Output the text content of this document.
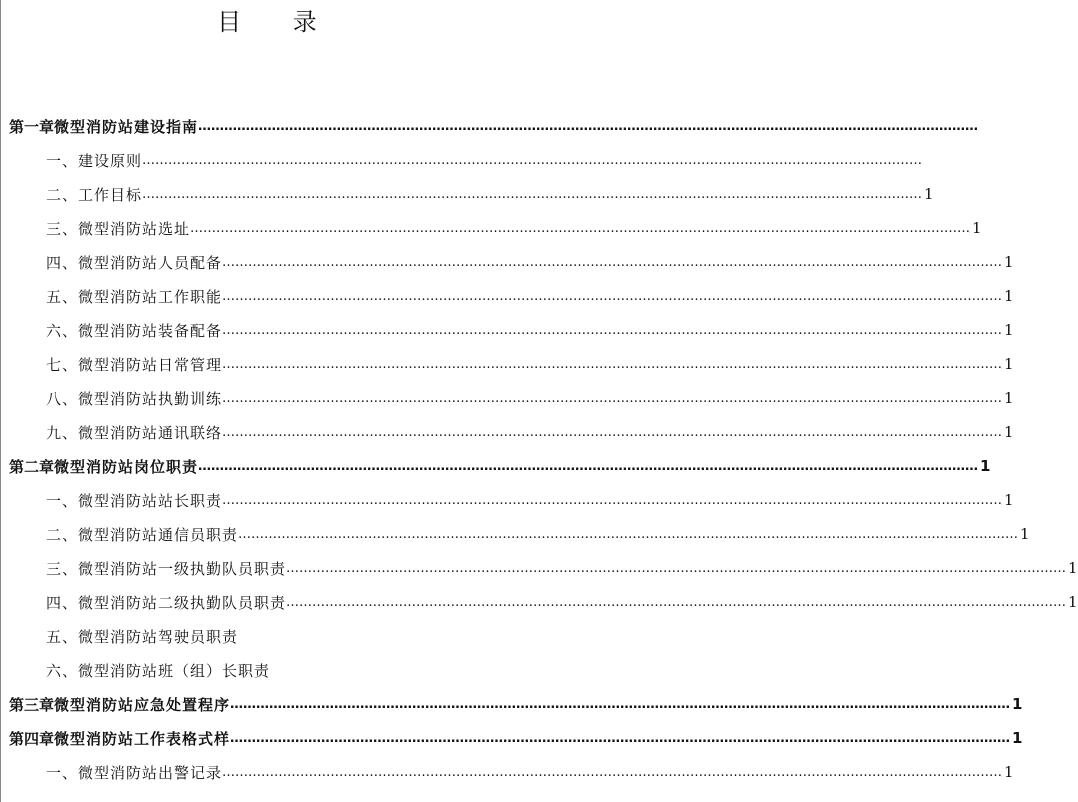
目 录
第一章 微型消防站建设指南 ………………………………………………………………………………………………………………………………………………………………
一、建设原则 ………………………………………………………………………………………………………………………………………………………………
二、工作目标 ……………………………………………………………………………………………………………………………………………………………… 1
三、微型消防站选址 ……………………………………………………………………………………………………………………………………………………………… 1
四、微型消防站人员配备 ……………………………………………………………………………………………………………………………………………………………… 1
五、微型消防站工作职能 ……………………………………………………………………………………………………………………………………………………………… 1
六、微型消防站装备配备 ……………………………………………………………………………………………………………………………………………………………… 1
七、微型消防站日常管理 ……………………………………………………………………………………………………………………………………………………………… 1
八、微型消防站执勤训练 ……………………………………………………………………………………………………………………………………………………………… 1
九、微型消防站通讯联络 ……………………………………………………………………………………………………………………………………………………………… 1
第二章 微型消防站岗位职责 ……………………………………………………………………………………………………………………………………………………………… 1
一、微型消防站站长职责 ……………………………………………………………………………………………………………………………………………………………… 1
二、微型消防站通信员职责 ……………………………………………………………………………………………………………………………………………………………… 1
三、微型消防站一级执勤队员职责 ……………………………………………………………………………………………………………………………………………………………… 1
四、微型消防站二级执勤队员职责 ……………………………………………………………………………………………………………………………………………………………… 1
五、微型消防站驾驶员职责
六、微型消防站班（组）长职责
第三章 微型消防站应急处置程序 ……………………………………………………………………………………………………………………………………………………………… 1
第四章 微型消防站工作表格式样 ……………………………………………………………………………………………………………………………………………………………… 1
一、微型消防站出警记录 ……………………………………………………………………………………………………………………………………………………………… 1
